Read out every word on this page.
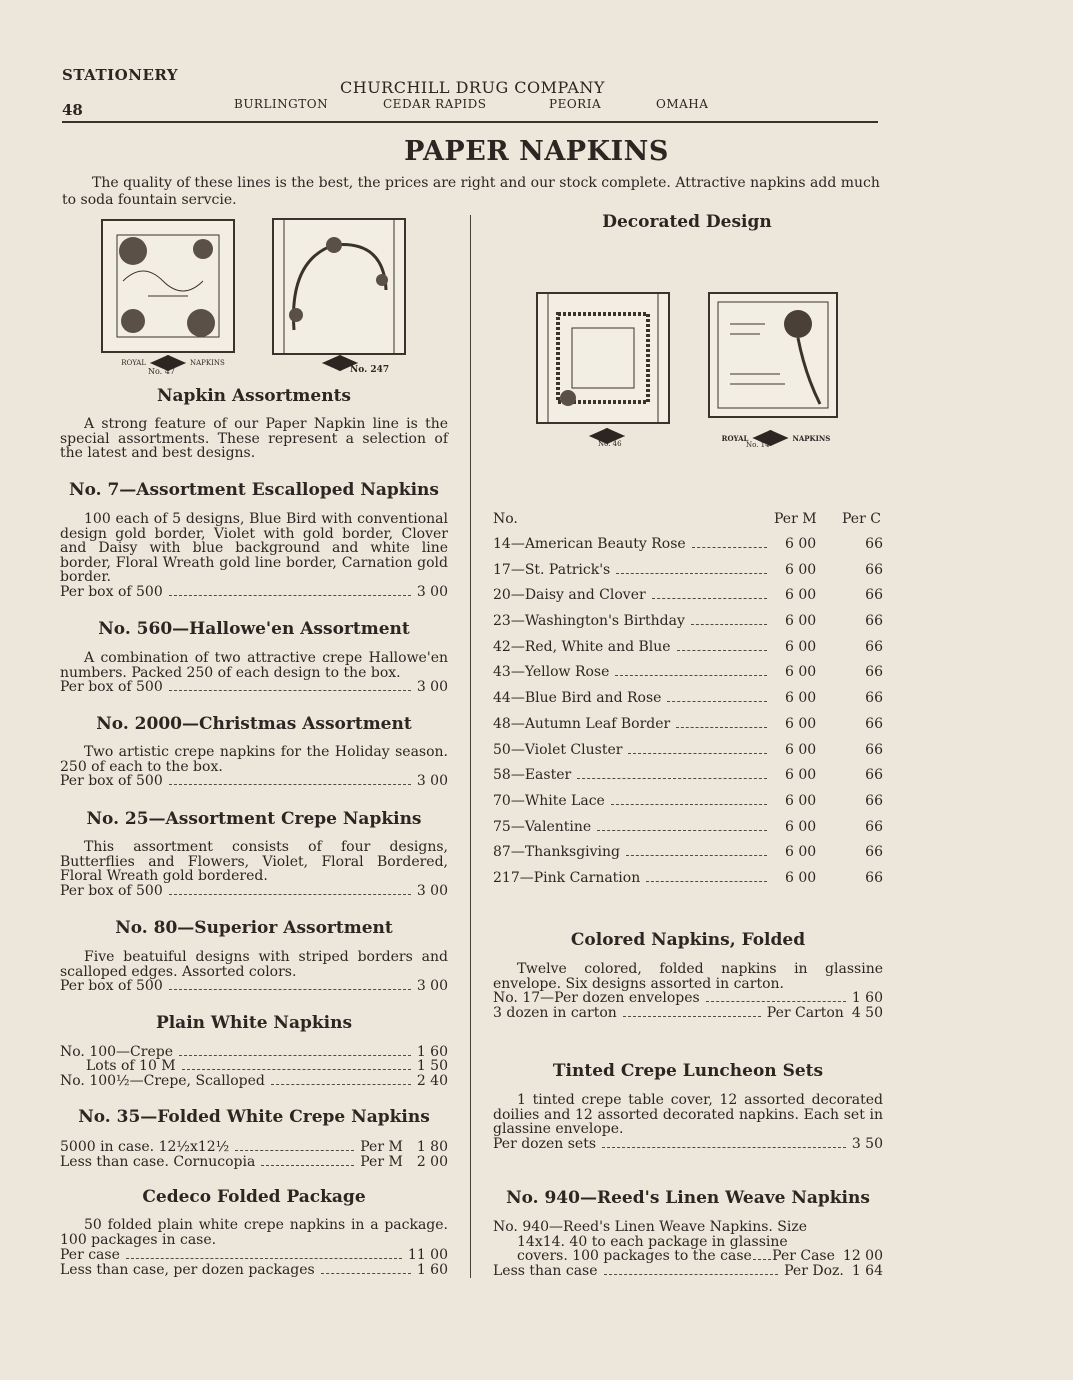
STATIONERY
48
CHURCHILL DRUG COMPANY
BURLINGTON	CEDAR RAPIDS	PEORIA	OMAHA
PAPER NAPKINS
The quality of these lines is the best, the prices are right and our stock complete. Attractive napkins add much to soda fountain servcie.
ROYAL	NAPKINS
No. 47	No. 247
Napkin Assortments
A strong feature of our Paper Napkin line is the special assortments. These represent a selection of the latest and best designs.
No. 7—Assortment Escalloped Napkins
100 each of 5 designs, Blue Bird with conventional design gold border, Violet with gold border, Clover and Daisy with blue background and white line border, Floral Wreath gold line border, Carnation gold border.
Per box of 500	3 00
No. 560—Hallowe'en Assortment
A combination of two attractive crepe Hallowe'en numbers. Packed 250 of each design to the box.
Per box of 500	3 00
No. 2000—Christmas Assortment
Two artistic crepe napkins for the Holiday season. 250 of each to the box.
Per box of 500	3 00
No. 25—Assortment Crepe Napkins
This assortment consists of four designs, Butterflies and Flowers, Violet, Floral Bordered, Floral Wreath gold bordered.
Per box of 500	3 00
No. 80—Superior Assortment
Five beatuiful designs with striped borders and scalloped edges. Assorted colors.
Per box of 500	3 00
Plain White Napkins
No. 100—Crepe	1 60
Lots of 10 M	1 50
No. 100½—Crepe, Scalloped	2 40
No. 35—Folded White Crepe Napkins
5000 in case. 12½x12½	Per M 1 80
Less than case. Cornucopia	Per M 2 00
Cedeco Folded Package
50 folded plain white crepe napkins in a package. 100 packages in case.
Per case	11 00
Less than case, per dozen packages	1 60
Decorated Design
No. 46
ROYAL	NAPKINS
No. 14
No.	Per M Per C
14—American Beauty Rose	6 00	66
17—St. Patrick's	6 00	66
20—Daisy and Clover	6 00	66
23—Washington's Birthday	6 00	66
42—Red, White and Blue	6 00	66
43—Yellow Rose	6 00	66
44—Blue Bird and Rose	6 00	66
48—Autumn Leaf Border	6 00	66
50—Violet Cluster	6 00	66
58—Easter	6 00	66
70—White Lace	6 00	66
75—Valentine	6 00	66
87—Thanksgiving	6 00	66
217—Pink Carnation	6 00	66
Colored Napkins, Folded
Twelve colored, folded napkins in glassine envelope. Six designs assorted in carton.
No. 17—Per dozen envelopes	1 60
3 dozen in carton	Per Carton 4 50
Tinted Crepe Luncheon Sets
1 tinted crepe table cover, 12 assorted decorated doilies and 12 assorted decorated napkins. Each set in glassine envelope.
Per dozen sets	3 50
No. 940—Reed's Linen Weave Napkins
No. 940—Reed's Linen Weave Napkins. Size
14x14. 40 to each package in glassine
covers. 100 packages to the case Per Case 12 00
Less than case	Per Doz. 1 64
